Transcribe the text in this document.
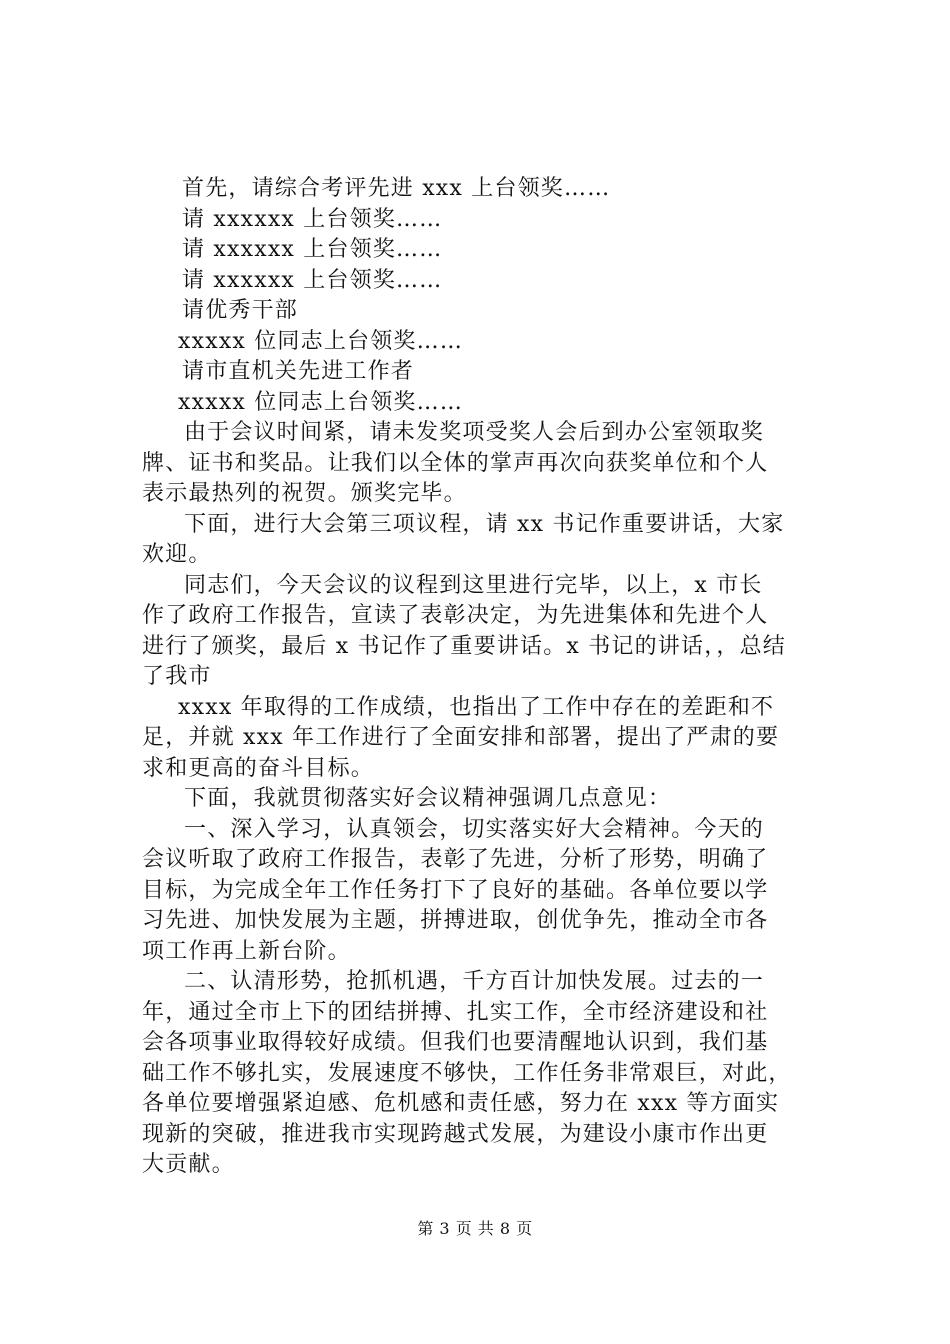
首先，请综合考评先进 xxx 上台领奖……
请 xxxxxx 上台领奖……
请 xxxxxx 上台领奖……
请 xxxxxx 上台领奖……
请优秀干部
xxxxx 位同志上台领奖……
请市直机关先进工作者
xxxxx 位同志上台领奖……
由于会议时间紧，请未发奖项受奖人会后到办公室领取奖
牌、证书和奖品。让我们以全体的掌声再次向获奖单位和个人
表示最热列的祝贺。颁奖完毕。
下面，进行大会第三项议程，请 xx 书记作重要讲话，大家
欢迎。
同志们，今天会议的议程到这里进行完毕，以上，x 市长
作了政府工作报告，宣读了表彰决定，为先进集体和先进个人
进行了颁奖，最后 x 书记作了重要讲话。x 书记的讲话，，总结
了我市
xxxx 年取得的工作成绩，也指出了工作中存在的差距和不
足，并就 xxx 年工作进行了全面安排和部署，提出了严肃的要
求和更高的奋斗目标。
下面，我就贯彻落实好会议精神强调几点意见：
一、深入学习，认真领会，切实落实好大会精神。今天的
会议听取了政府工作报告，表彰了先进，分析了形势，明确了
目标，为完成全年工作任务打下了良好的基础。各单位要以学
习先进、加快发展为主题，拼搏进取，创优争先，推动全市各
项工作再上新台阶。
二、认清形势，抢抓机遇，千方百计加快发展。过去的一
年，通过全市上下的团结拼搏、扎实工作，全市经济建设和社
会各项事业取得较好成绩。但我们也要清醒地认识到，我们基
础工作不够扎实，发展速度不够快，工作任务非常艰巨，对此，
各单位要增强紧迫感、危机感和责任感，努力在 xxx 等方面实
现新的突破，推进我市实现跨越式发展，为建设小康市作出更
大贡献。
第 3 页 共 8 页
